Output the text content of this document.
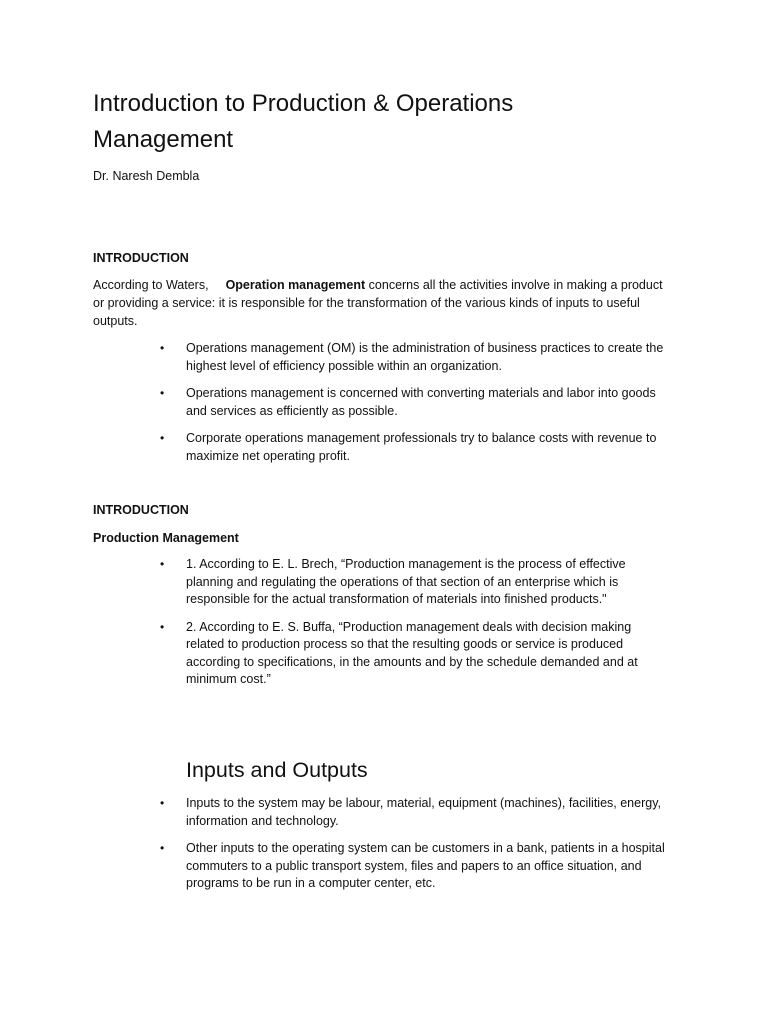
Introduction to Production & Operations Management
Dr. Naresh Dembla
INTRODUCTION

According to Waters, Operation management concerns all the activities involve in making a product or providing a service: it is responsible for the transformation of the various kinds of inputs to useful outputs.

•	Operations management (OM) is the administration of business practices to create the highest level of efficiency possible within an organization.
•	Operations management is concerned with converting materials and labor into goods and services as efficiently as possible.
•	Corporate operations management professionals try to balance costs with revenue to maximize net operating profit.
INTRODUCTION
Production Management
•	1. According to E. L. Brech, “Production management is the process of effective planning and regulating the operations of that section of an enterprise which is responsible for the actual transformation of materials into finished products."
•	2. According to E. S. Buffa, “Production management deals with decision making related to production process so that the resulting goods or service is produced according to specifications, in the amounts and by the schedule demanded and at minimum cost.”
Inputs and Outputs
•	Inputs to the system may be labour, material, equipment (machines), facilities, energy, information and technology.
•	Other inputs to the operating system can be customers in a bank, patients in a hospital commuters to a public transport system, files and papers to an office situation, and programs to be run in a computer center, etc.
